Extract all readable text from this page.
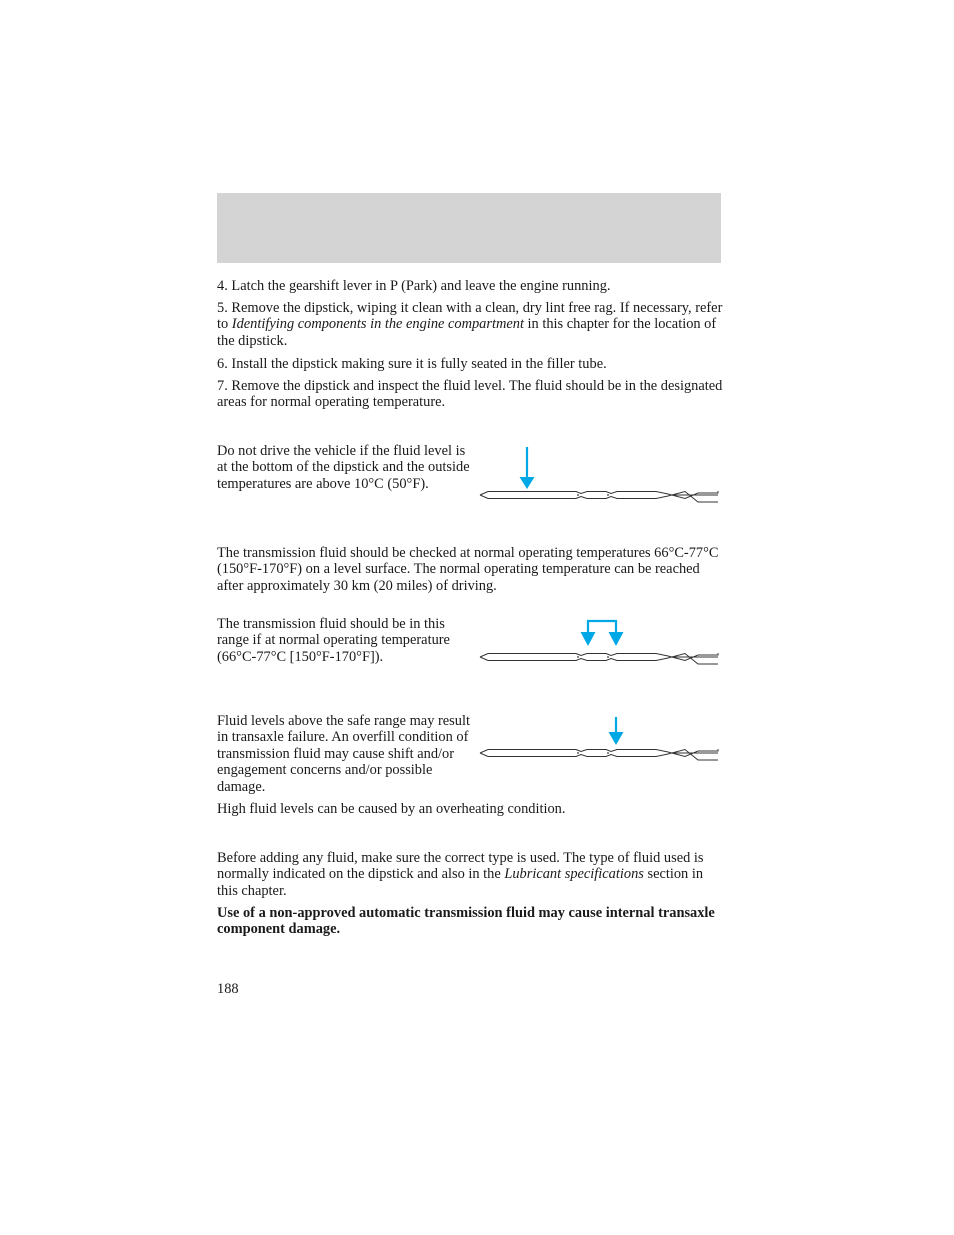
4. Latch the gearshift lever in P (Park) and leave the engine running.

5. Remove the dipstick, wiping it clean with a clean, dry lint free rag. If necessary, refer to Identifying components in the engine compartment in this chapter for the location of the dipstick.

6. Install the dipstick making sure it is fully seated in the filler tube.

7. Remove the dipstick and inspect the fluid level. The fluid should be in the designated areas for normal operating temperature.

Do not drive the vehicle if the fluid level is at the bottom of the dipstick and the outside temperatures are above 10°C (50°F).

The transmission fluid should be checked at normal operating temperatures 66°C-77°C (150°F-170°F) on a level surface. The normal operating temperature can be reached after approximately 30 km (20 miles) of driving.

The transmission fluid should be in this range if at normal operating temperature (66°C-77°C [150°F-170°F]).

Fluid levels above the safe range may result in transaxle failure. An overfill condition of transmission fluid may cause shift and/or engagement concerns and/or possible damage.

High fluid levels can be caused by an overheating condition.

Before adding any fluid, make sure the correct type is used. The type of fluid used is normally indicated on the dipstick and also in the Lubricant specifications section in this chapter.

Use of a non-approved automatic transmission fluid may cause internal transaxle component damage.

188
